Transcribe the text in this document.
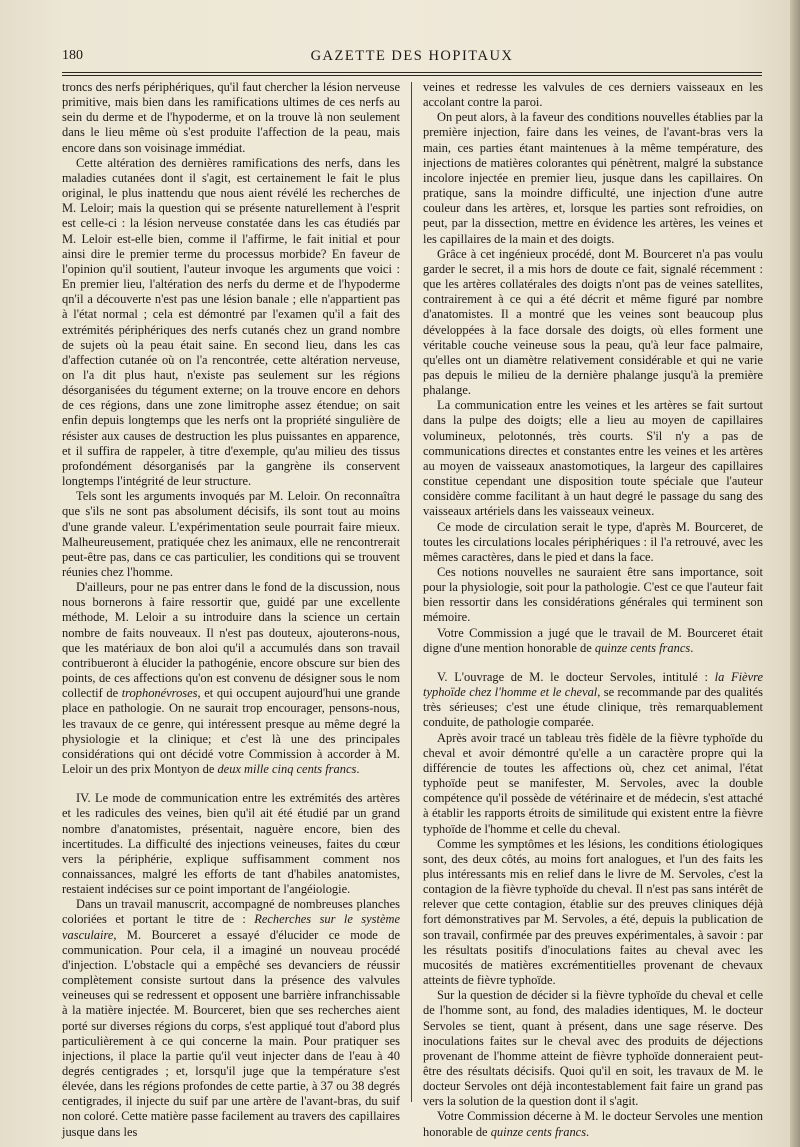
GAZETTE DES HOPITAUX
180

troncs des nerfs périphériques, qu'il faut chercher la lésion nerveuse primitive, mais bien dans les ramifications ultimes de ces nerfs au sein du derme et de l'hypoderme, et on la trouve là non seulement dans le lieu même où s'est produite l'affection de la peau, mais encore dans son voisinage immédiat.

Cette altération des dernières ramifications des nerfs, dans les maladies cutanées dont il s'agit, est certainement le fait le plus original, le plus inattendu que nous aient révélé les recherches de M. Leloir; mais la question qui se présente naturellement à l'esprit est celle-ci : la lésion nerveuse constatée dans les cas étudiés par M. Leloir est-elle bien, comme il l'affirme, le fait initial et pour ainsi dire le premier terme du processus morbide? En faveur de l'opinion qu'il soutient, l'auteur invoque les arguments que voici : En premier lieu, l'altération des nerfs du derme et de l'hypoderme qn'il a découverte n'est pas une lésion banale ; elle n'appartient pas à l'état normal ; cela est démontré par l'examen qu'il a fait des extrémités périphériques des nerfs cutanés chez un grand nombre de sujets où la peau était saine. En second lieu, dans les cas d'affection cutanée où on l'a rencontrée, cette altération nerveuse, on l'a dit plus haut, n'existe pas seulement sur les régions désorganisées du tégument externe; on la trouve encore en dehors de ces régions, dans une zone limitrophe assez étendue; on sait enfin depuis longtemps que les nerfs ont la propriété singulière de résister aux causes de destruction les plus puissantes en apparence, et il suffira de rappeler, à titre d'exemple, qu'au milieu des tissus profondément désorganisés par la gangrène ils conservent longtemps l'intégrité de leur structure.

Tels sont les arguments invoqués par M. Leloir. On reconnaîtra que s'ils ne sont pas absolument décisifs, ils sont tout au moins d'une grande valeur. L'expérimentation seule pourrait faire mieux. Malheureusement, pratiquée chez les animaux, elle ne rencontrerait peut-être pas, dans ce cas particulier, les conditions qui se trouvent réunies chez l'homme.

D'ailleurs, pour ne pas entrer dans le fond de la discussion, nous nous bornerons à faire ressortir que, guidé par une excellente méthode, M. Leloir a su introduire dans la science un certain nombre de faits nouveaux. Il n'est pas douteux, ajouterons-nous, que les matériaux de bon aloi qu'il a accumulés dans son travail contribueront à élucider la pathogénie, encore obscure sur bien des points, de ces affections qu'on est convenu de désigner sous le nom collectif de trophonévroses, et qui occupent aujourd'hui une grande place en pathologie. On ne saurait trop encourager, pensons-nous, les travaux de ce genre, qui intéressent presque au même degré la physiologie et la clinique; et c'est là une des principales considérations qui ont décidé votre Commission à accorder à M. Leloir un des prix Montyon de deux mille cinq cents francs.

IV. Le mode de communication entre les extrémités des artères et les radicules des veines, bien qu'il ait été étudié par un grand nombre d'anatomistes, présentait, naguère encore, bien des incertitudes. La difficulté des injections veineuses, faites du cœur vers la périphérie, explique suffisamment comment nos connaissances, malgré les efforts de tant d'habiles anatomistes, restaient indécises sur ce point important de l'angéiologie.

Dans un travail manuscrit, accompagné de nombreuses planches coloriées et portant le titre de : Recherches sur le système vasculaire, M. Bourceret a essayé d'élucider ce mode de communication. Pour cela, il a imaginé un nouveau procédé d'injection. L'obstacle qui a empêché ses devanciers de réussir complètement consiste surtout dans la présence des valvules veineuses qui se redressent et opposent une barrière infranchissable à la matière injectée. M. Bourceret, bien que ses recherches aient porté sur diverses régions du corps, s'est appliqué tout d'abord plus particulièrement à ce qui concerne la main. Pour pratiquer ses injections, il place la partie qu'il veut injecter dans de l'eau à 40 degrés centigrades ; et, lorsqu'il juge que la température s'est élevée, dans les régions profondes de cette partie, à 37 ou 38 degrés centigrades, il injecte du suif par une artère de l'avant-bras, du suif non coloré. Cette matière passe facilement au travers des capillaires jusque dans les

veines et redresse les valvules de ces derniers vaisseaux en les accolant contre la paroi.

On peut alors, à la faveur des conditions nouvelles établies par la première injection, faire dans les veines, de l'avant-bras vers la main, ces parties étant maintenues à la même température, des injections de matières colorantes qui pénètrent, malgré la substance incolore injectée en premier lieu, jusque dans les capillaires. On pratique, sans la moindre difficulté, une injection d'une autre couleur dans les artères, et, lorsque les parties sont refroidies, on peut, par la dissection, mettre en évidence les artères, les veines et les capillaires de la main et des doigts.

Grâce à cet ingénieux procédé, dont M. Bourceret n'a pas voulu garder le secret, il a mis hors de doute ce fait, signalé récemment : que les artères collatérales des doigts n'ont pas de veines satellites, contrairement à ce qui a été décrit et même figuré par nombre d'anatomistes. Il a montré que les veines sont beaucoup plus développées à la face dorsale des doigts, où elles forment une véritable couche veineuse sous la peau, qu'à leur face palmaire, qu'elles ont un diamètre relativement considérable et qui ne varie pas depuis le milieu de la dernière phalange jusqu'à la première phalange.

La communication entre les veines et les artères se fait surtout dans la pulpe des doigts; elle a lieu au moyen de capillaires volumineux, pelotonnés, très courts. S'il n'y a pas de communications directes et constantes entre les veines et les artères au moyen de vaisseaux anastomotiques, la largeur des capillaires constitue cependant une disposition toute spéciale que l'auteur considère comme facilitant à un haut degré le passage du sang des vaisseaux artériels dans les vaisseaux veineux.

Ce mode de circulation serait le type, d'après M. Bourceret, de toutes les circulations locales périphériques : il l'a retrouvé, avec les mêmes caractères, dans le pied et dans la face.

Ces notions nouvelles ne sauraient être sans importance, soit pour la physiologie, soit pour la pathologie. C'est ce que l'auteur fait bien ressortir dans les considérations générales qui terminent son mémoire.

Votre Commission a jugé que le travail de M. Bourceret était digne d'une mention honorable de quinze cents francs.

V. L'ouvrage de M. le docteur Servoles, intitulé : la Fièvre typhoïde chez l'homme et le cheval, se recommande par des qualités très sérieuses; c'est une étude clinique, très remarquablement conduite, de pathologie comparée.

Après avoir tracé un tableau très fidèle de la fièvre typhoïde du cheval et avoir démontré qu'elle a un caractère propre qui la différencie de toutes les affections où, chez cet animal, l'état typhoïde peut se manifester, M. Servoles, avec la double compétence qu'il possède de vétérinaire et de médecin, s'est attaché à établir les rapports étroits de similitude qui existent entre la fièvre typhoïde de l'homme et celle du cheval.

Comme les symptômes et les lésions, les conditions étiologiques sont, des deux côtés, au moins fort analogues, et l'un des faits les plus intéressants mis en relief dans le livre de M. Servoles, c'est la contagion de la fièvre typhoïde du cheval. Il n'est pas sans intérêt de relever que cette contagion, établie sur des preuves cliniques déjà fort démonstratives par M. Servoles, a été, depuis la publication de son travail, confirmée par des preuves expérimentales, à savoir : par les résultats positifs d'inoculations faites au cheval avec les mucosités de matières excrémentitielles provenant de chevaux atteints de fièvre typhoïde.

Sur la question de décider si la fièvre typhoïde du cheval et celle de l'homme sont, au fond, des maladies identiques, M. le docteur Servoles se tient, quant à présent, dans une sage réserve. Des inoculations faites sur le cheval avec des produits de déjections provenant de l'homme atteint de fièvre typhoïde donneraient peut-être des résultats décisifs. Quoi qu'il en soit, les travaux de M. le docteur Servoles ont déjà incontestablement fait faire un grand pas vers la solution de la question dont il s'agit.

Votre Commission décerne à M. le docteur Servoles une mention honorable de quinze cents francs.
